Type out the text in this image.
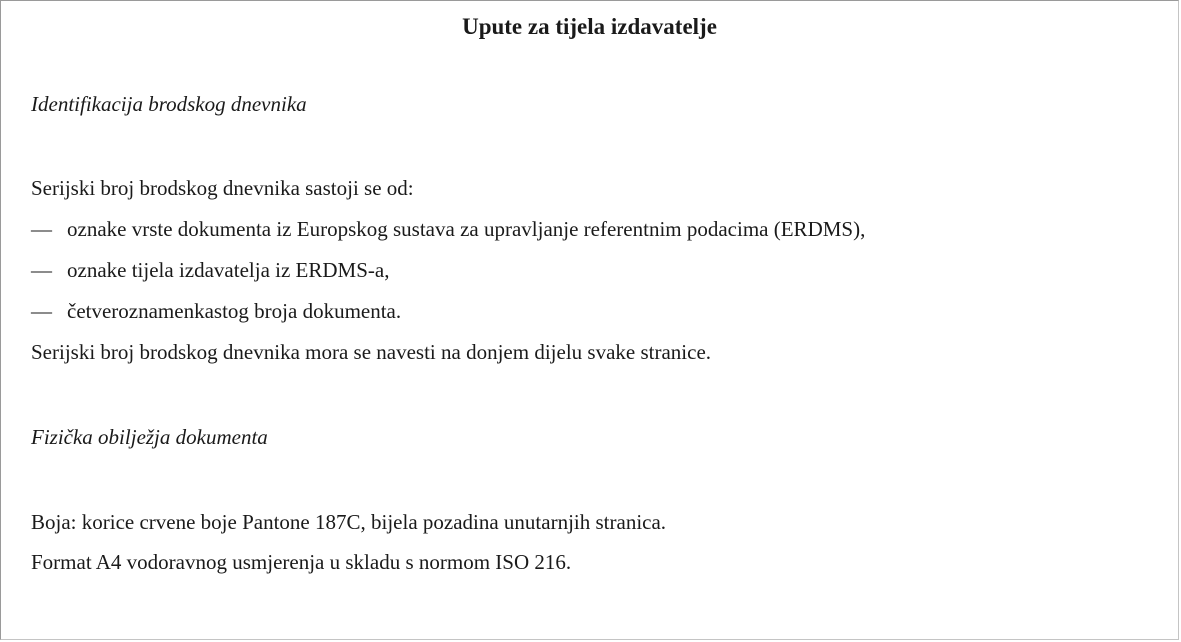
Upute za tijela izdavatelje
Identifikacija brodskog dnevnika
Serijski broj brodskog dnevnika sastoji se od:
— oznake vrste dokumenta iz Europskog sustava za upravljanje referentnim podacima (ERDMS),
— oznake tijela izdavatelja iz ERDMS-a,
— četveroznamenkastog broja dokumenta.
Serijski broj brodskog dnevnika mora se navesti na donjem dijelu svake stranice.
Fizička obilježja dokumenta
Boja: korice crvene boje Pantone 187C, bijela pozadina unutarnjih stranica.
Format A4 vodoravnog usmjerenja u skladu s normom ISO 216.
